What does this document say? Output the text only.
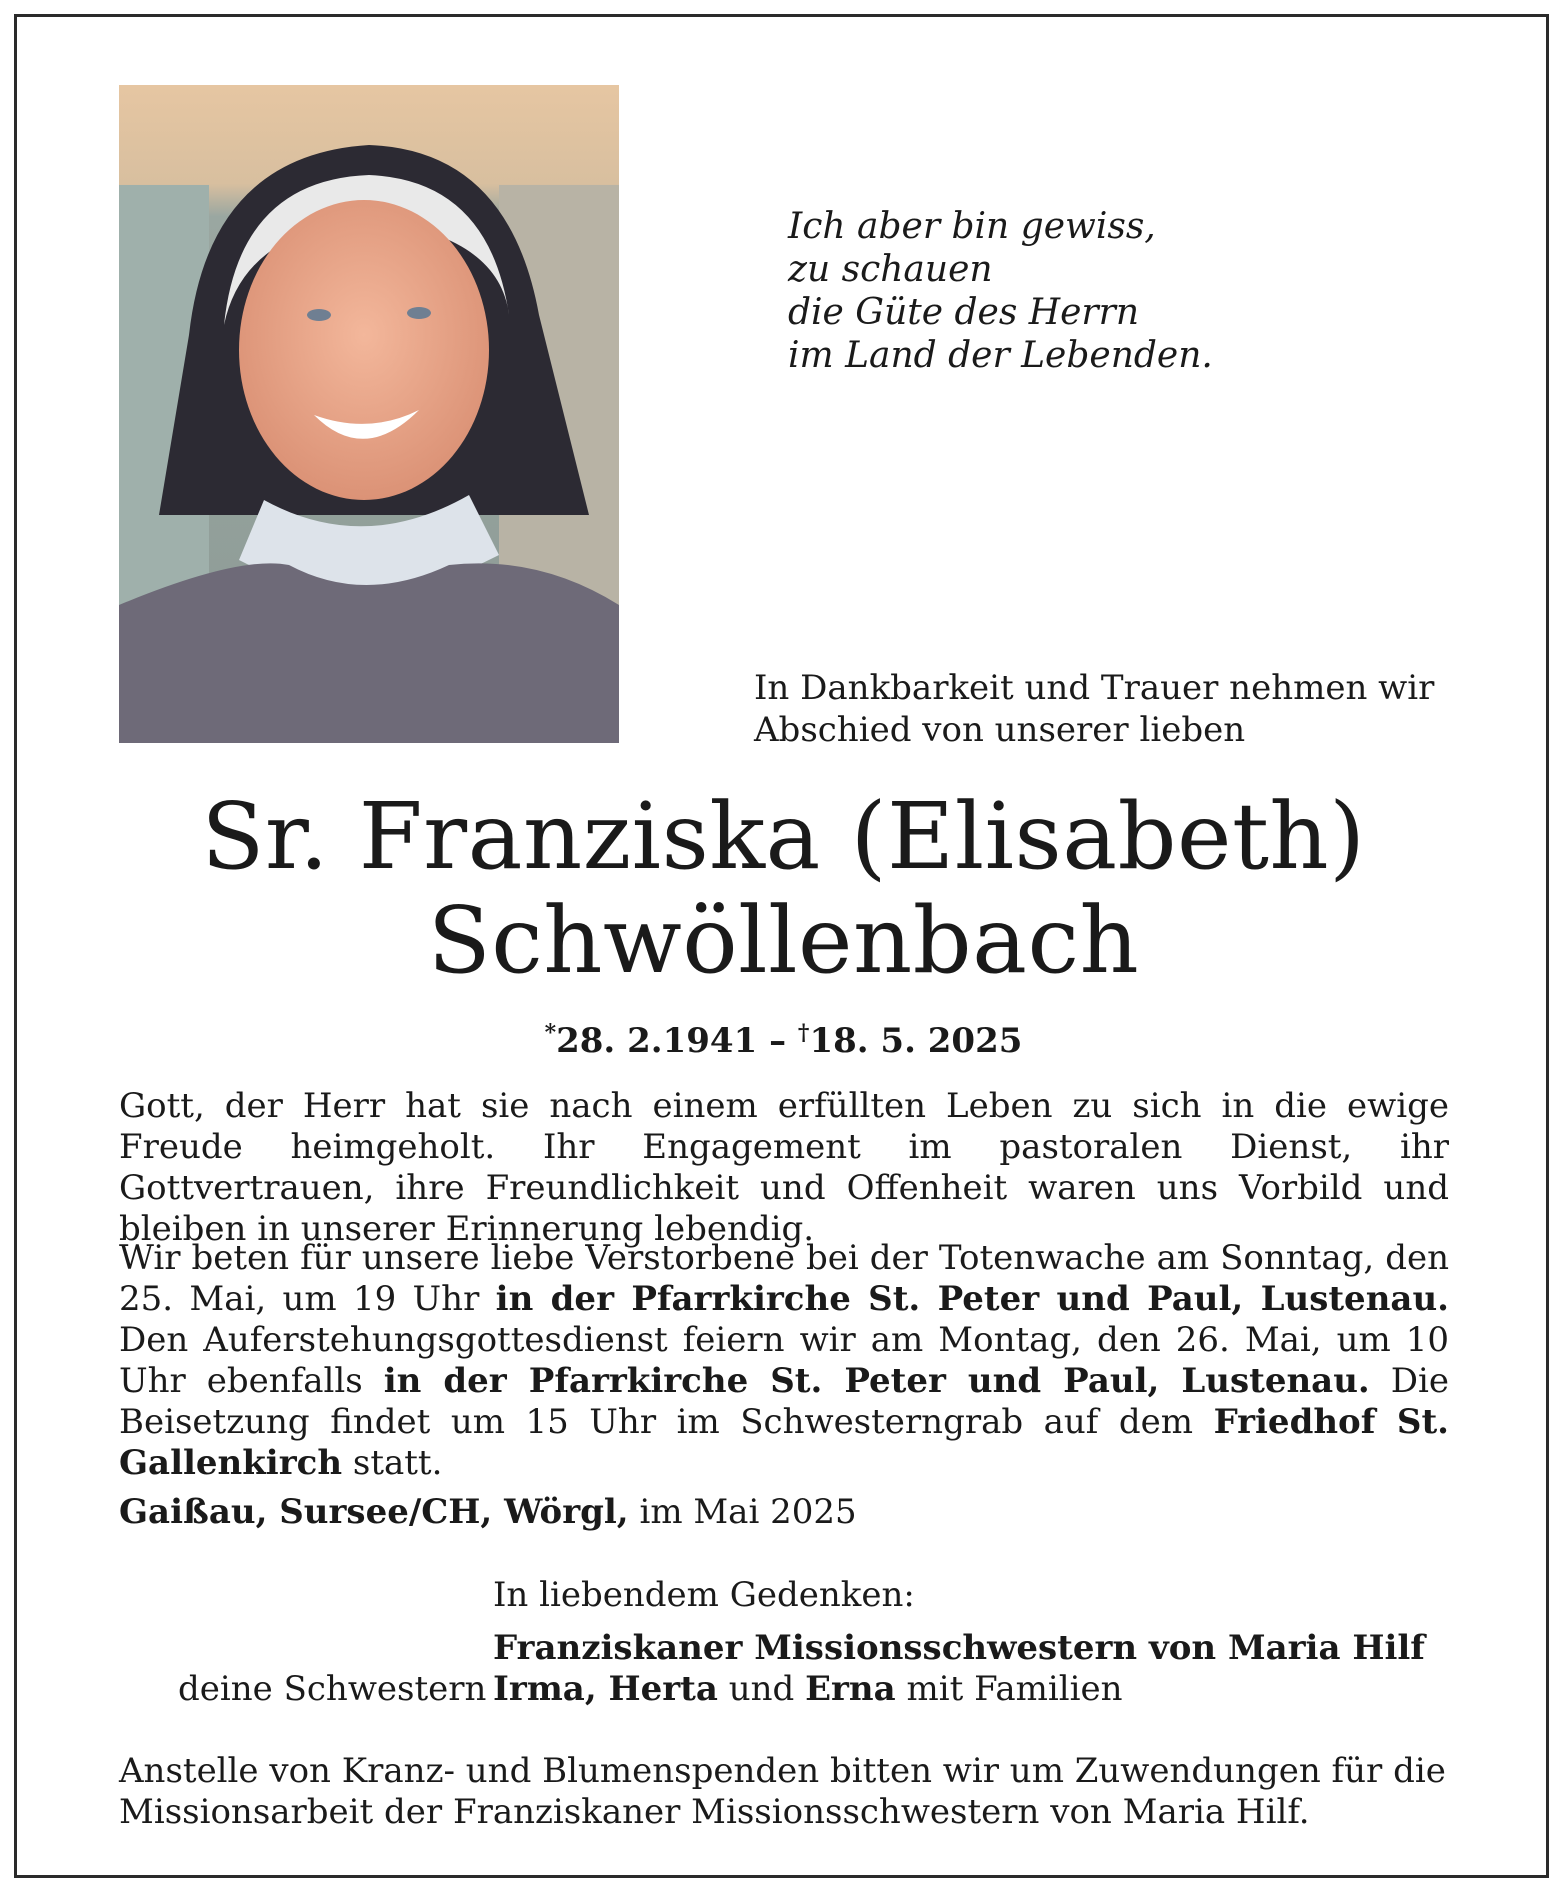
Ich aber bin gewiss,
zu schauen
die Güte des Herrn
im Land der Lebenden.
In Dankbarkeit und Trauer nehmen wir
Abschied von unserer lieben
Sr. Franziska (Elisabeth)
Schwöllenbach
*28. 2.1941 – †18. 5. 2025
Gott, der Herr hat sie nach einem erfüllten Leben zu sich in die ewige Freude heimgeholt. Ihr Engagement im pastoralen Dienst, ihr Gottvertrauen, ihre Freundlichkeit und Offenheit waren uns Vorbild und bleiben in unserer Erinnerung lebendig.
Wir beten für unsere liebe Verstorbene bei der Totenwache am Sonntag, den 25. Mai, um 19 Uhr in der Pfarrkirche St. Peter und Paul, Lustenau. Den Auferstehungsgottesdienst feiern wir am Montag, den 26. Mai, um 10 Uhr ebenfalls in der Pfarrkirche St. Peter und Paul, Lustenau. Die Beisetzung findet um 15 Uhr im Schwesterngrab auf dem Friedhof St. Gallenkirch statt.
Gaißau, Sursee/CH, Wörgl, im Mai 2025
In liebendem Gedenken:
Franziskaner Missionsschwestern von Maria Hilf
deine Schwestern Irma, Herta und Erna mit Familien
Anstelle von Kranz- und Blumenspenden bitten wir um Zuwendungen für die
Missionsarbeit der Franziskaner Missionsschwestern von Maria Hilf.
